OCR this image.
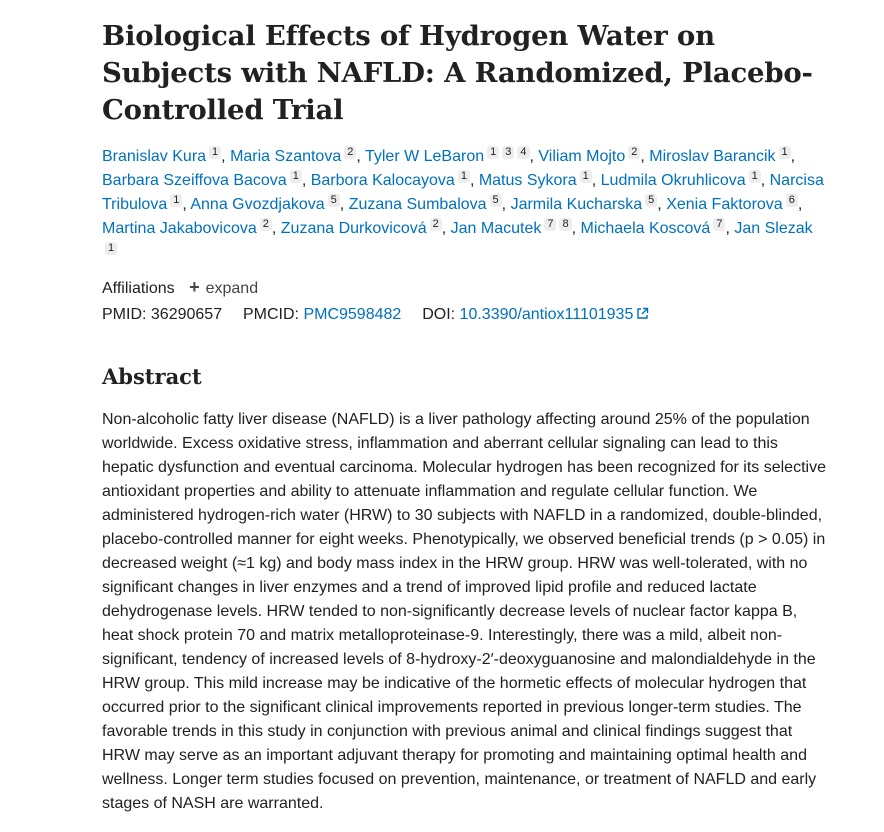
Biological Effects of Hydrogen Water on Subjects with NAFLD: A Randomized, Placebo-Controlled Trial
Branislav Kura 1 , Maria Szantova 2 , Tyler W LeBaron 1 3 4 , Viliam Mojto 2 , Miroslav Barancik 1 , Barbara Szeiffova Bacova 1 , Barbora Kalocayova 1 , Matus Sykora 1 , Ludmila Okruhlicova 1 , Narcisa Tribulova 1 , Anna Gvozdjakova 5 , Zuzana Sumbalova 5 , Jarmila Kucharska 5 , Xenia Faktorova 6 , Martina Jakabovicova 2 , Zuzana Durkovicová 2 , Jan Macutek 7 8 , Michaela Koscová 7 , Jan Slezak1
Affiliations + expand
PMID: 36290657 PMCID: PMC9598482 DOI: 10.3390/antiox11101935
Abstract

Non-alcoholic fatty liver disease (NAFLD) is a liver pathology affecting around 25% of the population worldwide. Excess oxidative stress, inflammation and aberrant cellular signaling can lead to this hepatic dysfunction and eventual carcinoma. Molecular hydrogen has been recognized for its selective antioxidant properties and ability to attenuate inflammation and regulate cellular function. We administered hydrogen-rich water (HRW) to 30 subjects with NAFLD in a randomized, double-blinded, placebo-controlled manner for eight weeks. Phenotypically, we observed beneficial trends (p > 0.05) in decreased weight (≈1 kg) and body mass index in the HRW group. HRW was well-tolerated, with no significant changes in liver enzymes and a trend of improved lipid profile and reduced lactate dehydrogenase levels. HRW tended to non-significantly decrease levels of nuclear factor kappa B, heat shock protein 70 and matrix metalloproteinase-9. Interestingly, there was a mild, albeit non-significant, tendency of increased levels of 8-hydroxy-2′-deoxyguanosine and malondialdehyde in the HRW group. This mild increase may be indicative of the hormetic effects of molecular hydrogen that occurred prior to the significant clinical improvements reported in previous longer-term studies. The favorable trends in this study in conjunction with previous animal and clinical findings suggest that HRW may serve as an important adjuvant therapy for promoting and maintaining optimal health and wellness. Longer term studies focused on prevention, maintenance, or treatment of NAFLD and early stages of NASH are warranted.
